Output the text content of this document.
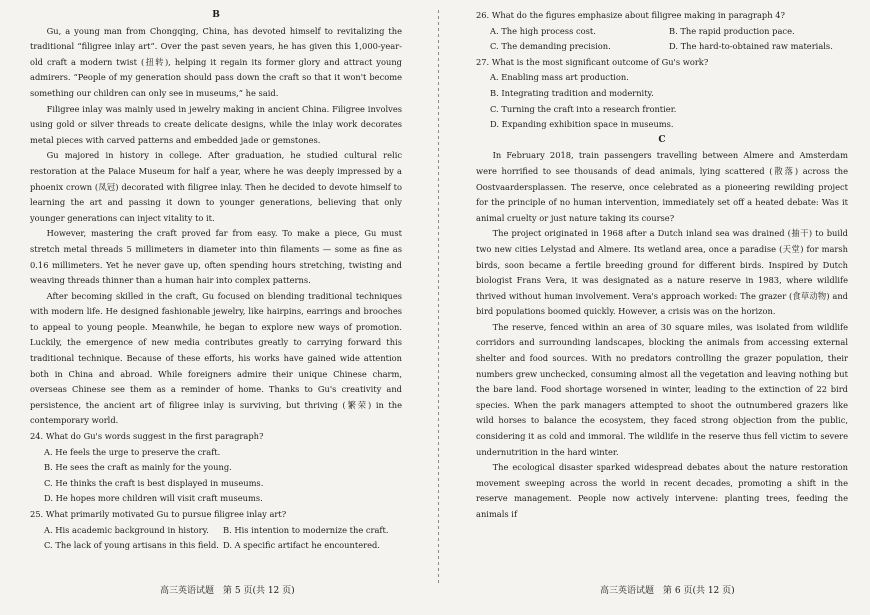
B

Gu, a young man from Chongqing, China, has devoted himself to revitalizing the traditional “filigree inlay art”. Over the past seven years, he has given this 1,000-year-old craft a modern twist (扭转), helping it regain its former glory and attract young admirers. “People of my generation should pass down the craft so that it won't become something our children can only see in museums,” he said.

Filigree inlay was mainly used in jewelry making in ancient China. Filigree involves using gold or silver threads to create delicate designs, while the inlay work decorates metal pieces with carved patterns and embedded jade or gemstones.

Gu majored in history in college. After graduation, he studied cultural relic restoration at the Palace Museum for half a year, where he was deeply impressed by a phoenix crown (凤冠) decorated with filigree inlay. Then he decided to devote himself to learning the art and passing it down to younger generations, believing that only younger generations can inject vitality to it.

However, mastering the craft proved far from easy. To make a piece, Gu must stretch metal threads 5 millimeters in diameter into thin filaments — some as fine as 0.16 millimeters. Yet he never gave up, often spending hours stretching, twisting and weaving threads thinner than a human hair into complex patterns.

After becoming skilled in the craft, Gu focused on blending traditional techniques with modern life. He designed fashionable jewelry, like hairpins, earrings and brooches to appeal to young people. Meanwhile, he began to explore new ways of promotion. Luckily, the emergence of new media contributes greatly to carrying forward this traditional technique. Because of these efforts, his works have gained wide attention both in China and abroad. While foreigners admire their unique Chinese charm, overseas Chinese see them as a reminder of home. Thanks to Gu's creativity and persistence, the ancient art of filigree inlay is surviving, but thriving (繁荣) in the contemporary world.

24. What do Gu's words suggest in the first paragraph?
A. He feels the urge to preserve the craft.
B. He sees the craft as mainly for the young.
C. He thinks the craft is best displayed in museums.
D. He hopes more children will visit craft museums.
25. What primarily motivated Gu to pursue filigree inlay art?
A. His academic background in history.	B. His intention to modernize the craft.
C. The lack of young artisans in this field. D. A specific artifact he encountered.
26. What do the figures emphasize about filigree making in paragraph 4?
A. The high process cost.	B. The rapid production pace.
C. The demanding precision.	D. The hard-to-obtained raw materials.
27. What is the most significant outcome of Gu's work?
A. Enabling mass art production.
B. Integrating tradition and modernity.
C. Turning the craft into a research frontier.
D. Expanding exhibition space in museums.
C

In February 2018, train passengers travelling between Almere and Amsterdam were horrified to see thousands of dead animals, lying scattered (散落) across the Oostvaardersplassen. The reserve, once celebrated as a pioneering rewilding project for the principle of no human intervention, immediately set off a heated debate: Was it animal cruelty or just nature taking its course?

The project originated in 1968 after a Dutch inland sea was drained (抽干) to build two new cities Lelystad and Almere. Its wetland area, once a paradise (天堂) for marsh birds, soon became a fertile breeding ground for different birds. Inspired by Dutch biologist Frans Vera, it was designated as a nature reserve in 1983, where wildlife thrived without human involvement. Vera's approach worked: The grazer (食草动物) and bird populations boomed quickly. However, a crisis was on the horizon.

The reserve, fenced within an area of 30 square miles, was isolated from wildlife corridors and surrounding landscapes, blocking the animals from accessing external shelter and food sources. With no predators controlling the grazer population, their numbers grew unchecked, consuming almost all the vegetation and leaving nothing but the bare land. Food shortage worsened in winter, leading to the extinction of 22 bird species. When the park managers attempted to shoot the outnumbered grazers like wild horses to balance the ecosystem, they faced strong objection from the public, considering it as cold and immoral. The wildlife in the reserve thus fell victim to severe undernutrition in the hard winter.

The ecological disaster sparked widespread debates about the nature restoration movement sweeping across the world in recent decades, promoting a shift in the reserve management. People now actively intervene: planting trees, feeding the animals if

高三英语试题　第 5 页(共 12 页)	高三英语试题　第 6 页(共 12 页)
